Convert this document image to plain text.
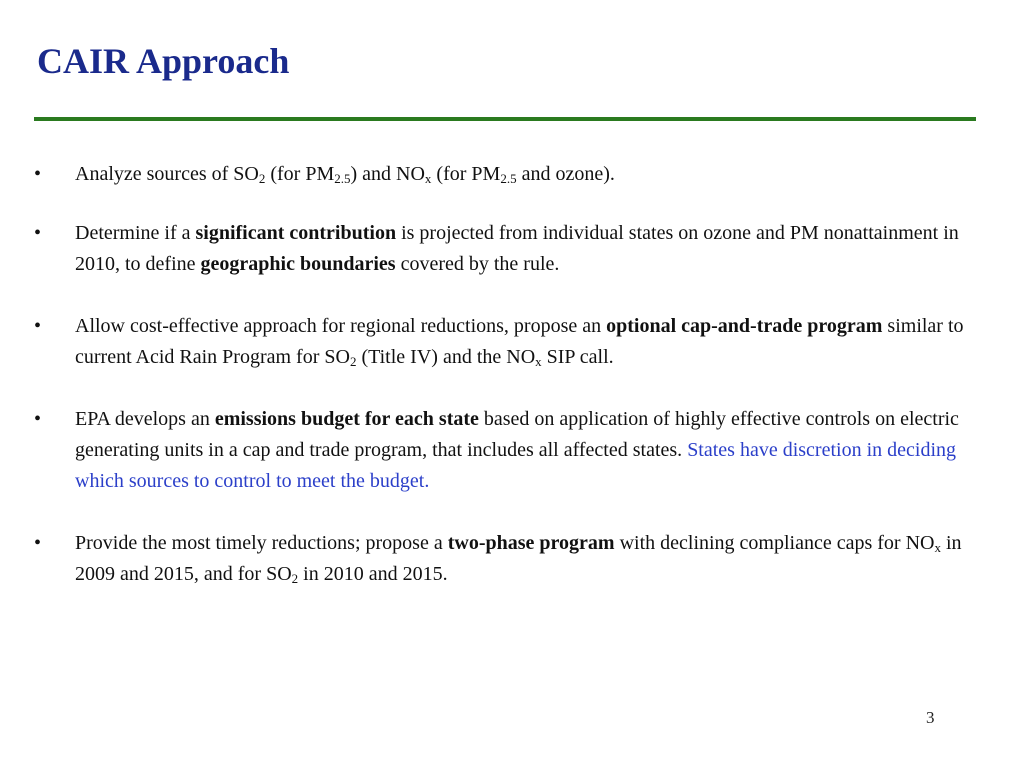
CAIR Approach
•	Analyze sources of $SO_2$ (for $PM_{2.5}$) and $NO_x$ (for $PM_{2.5}$ and ozone).
•	Determine if a significant contribution is projected from individual states on ozone and PM nonattainment in 2010, to define geographic boundaries covered by the rule.
•	Allow cost-effective approach for regional reductions, propose an optional cap-and-trade program similar to current Acid Rain Program for $SO_2$ (Title IV) and the $NO_x$ SIP call.
•	EPA develops an emissions budget for each state based on application of highly effective controls on electric generating units in a cap and trade program, that includes all affected states. States have discretion in deciding which sources to control to meet the budget.
•	Provide the most timely reductions; propose a two-phase program with declining compliance caps for $NO_x$ in 2009 and 2015, and for $SO_2$ in 2010 and 2015.
3
